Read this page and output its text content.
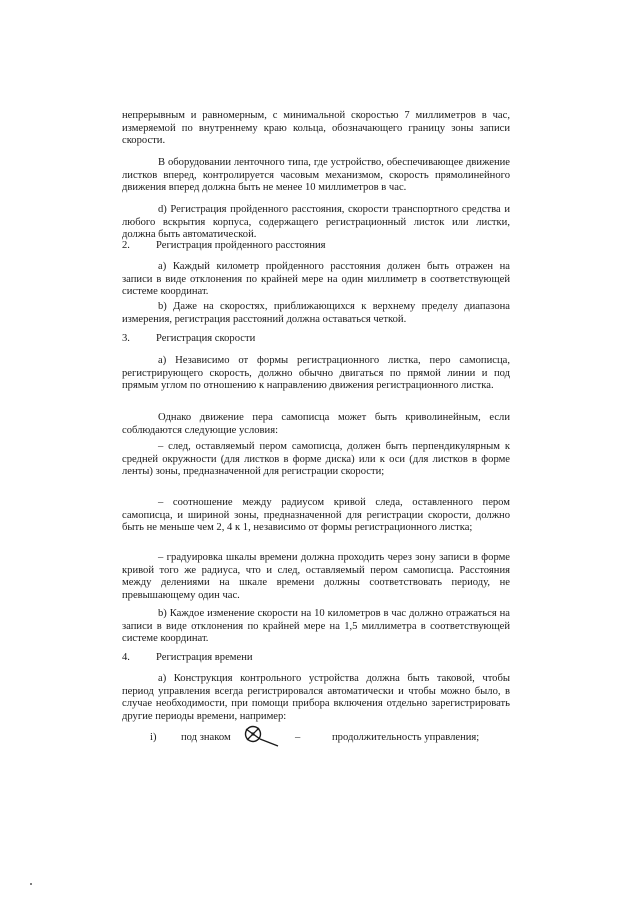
непрерывным и равномерным, с минимальной скоростью 7 миллиметров в час, измеряемой по внутреннему краю кольца, обозначающего границу зоны записи скорости.

В оборудовании ленточного типа, где устройство, обеспечивающее движение листков вперед, контролируется часовым механизмом, скорость прямолинейного движения вперед должна быть не менее 10 миллиметров в час.

d) Регистрация пройденного расстояния, скорости транспортного средства и любого вскрытия корпуса, содержащего регистрационный листок или листки, должна быть автоматической.

2. Регистрация пройденного расстояния

a) Каждый километр пройденного расстояния должен быть отражен на записи в виде отклонения по крайней мере на один миллиметр в соответствующей системе координат.

b) Даже на скоростях, приближающихся к верхнему пределу диапазона измерения, регистрация расстояний должна оставаться четкой.

3. Регистрация скорости

a) Независимо от формы регистрационного листка, перо самописца, регистрирующего скорость, должно обычно двигаться по прямой линии и под прямым углом по отношению к направлению движения регистрационного листка.

Однако движение пера самописца может быть криволинейным, если соблюдаются следующие условия:

– след, оставляемый пером самописца, должен быть перпендикулярным к средней окружности (для листков в форме диска) или к оси (для листков в форме ленты) зоны, предназначенной для регистрации скорости;

– соотношение между радиусом кривой следа, оставленного пером самописца, и шириной зоны, предназначенной для регистрации скорости, должно быть не меньше чем 2, 4 к 1, независимо от формы регистрационного листка;

– градуировка шкалы времени должна проходить через зону записи в форме кривой того же радиуса, что и след, оставляемый пером самописца. Расстояния между делениями на шкале времени должны соответствовать периоду, не превышающему один час.

b) Каждое изменение скорости на 10 километров в час должно отражаться на записи в виде отклонения по крайней мере на 1,5 миллиметра в соответствующей системе координат.

4. Регистрация времени

a) Конструкция контрольного устройства должна быть таковой, чтобы период управления всегда регистрировался автоматически и чтобы можно было, в случае необходимости, при помощи прибора включения отдельно зарегистрировать другие периоды времени, например:

i) под знаком	–	продолжительность управления;
